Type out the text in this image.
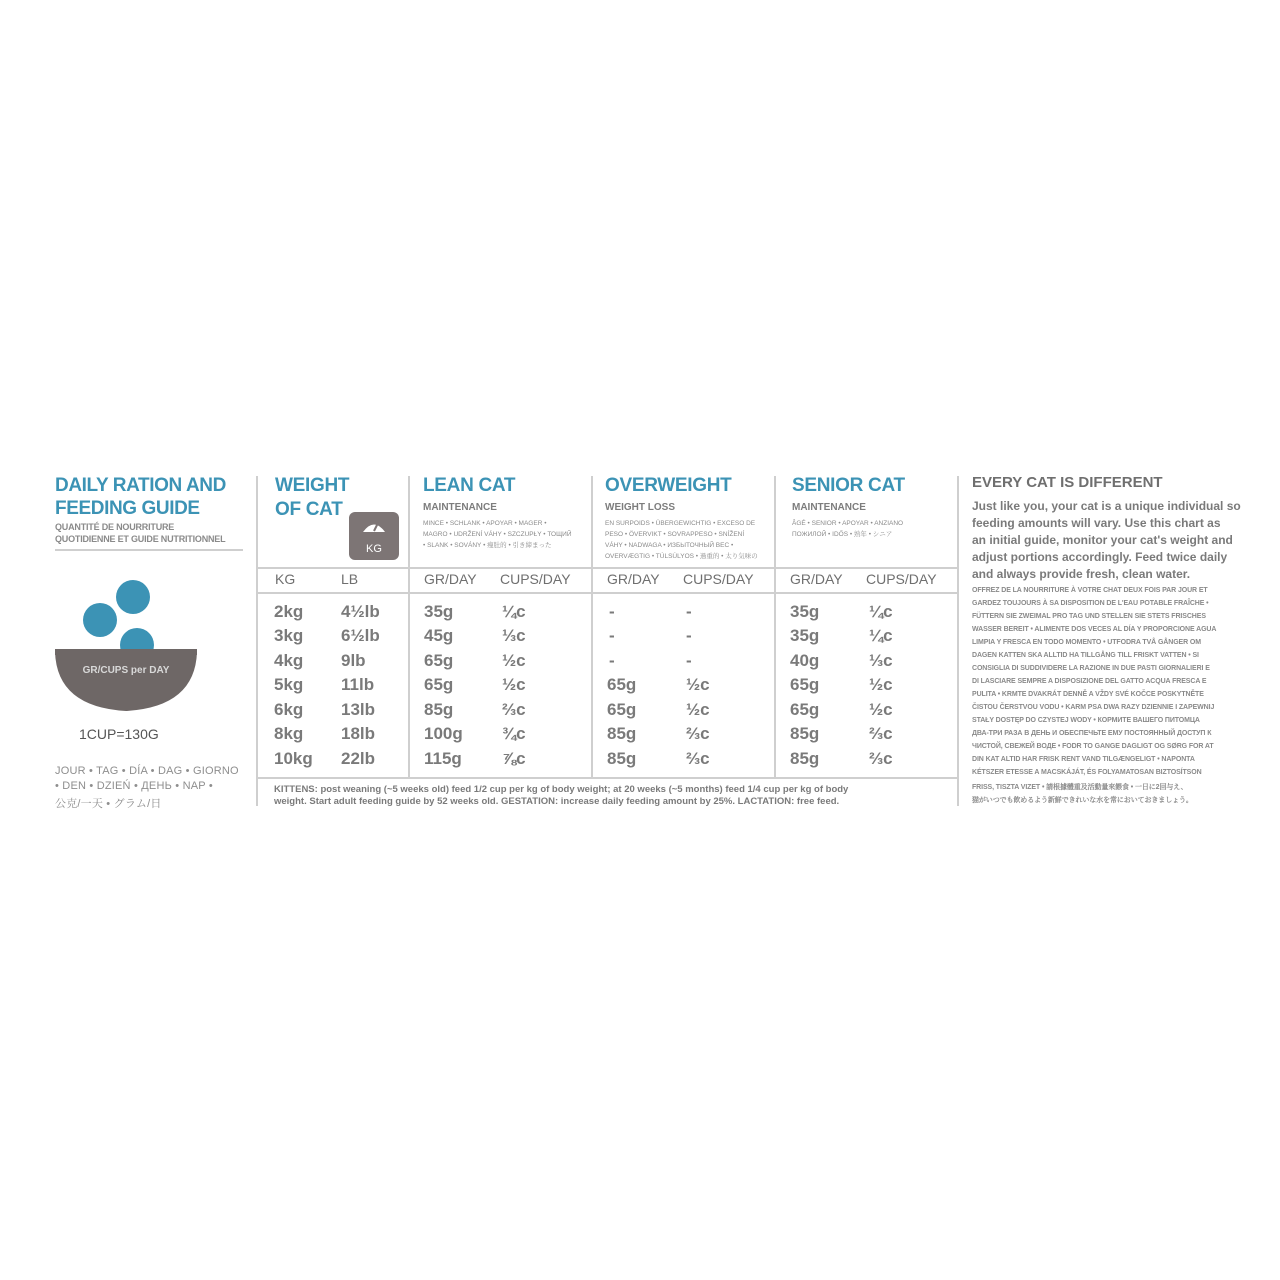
DAILY RATION AND
FEEDING GUIDE
QUANTITÉ DE NOURRITURE
QUOTIDIENNE ET GUIDE NUTRITIONNEL
GR/CUPS per DAY
1CUP=130G
JOUR • TAG • DÍA • DAG • GIORNO
• DEN • DZIEŃ • ДЕНЬ • NAP •
公克/一天 • グラム/日
WEIGHT
OF CAT
KG
LEAN CAT
MAINTENANCE
MINCE • SCHLANK • APOYAR • MAGER •
MAGRO • UDRŽENÍ VÁHY • SZCZUPŁY • ТОЩИЙ
• SLANK • SOVÁNY • 瘦肚的 • 引き締まった
OVERWEIGHT
WEIGHT LOSS
EN SURPOIDS • ÜBERGEWICHTIG • EXCESO DE
PESO • ÖVERVIKT • SOVRAPPESO • SNÍŽENÍ
VÁHY • NADWAGA • ИЗБЫТОЧНЫЙ ВЕС •
OVERVÆGTIG • TÚLSÚLYOS • 過重的 • 太り気味の
SENIOR CAT
MAINTENANCE
ÂGÉ • SENIOR • APOYAR • ANZIANO
ПОЖИЛОЙ • IDŐS • 熟年 • シニア
KG	LB	GR/DAY CUPS/DAY	GR/DAY CUPS/DAY	GR/DAY CUPS/DAY
2kg 4½lb	35g	¼c	-	-	35g	¼c
3kg 6½lb	45g	⅓c	-	-	35g	¼c
4kg 9lb	65g	½c	-	-	40g	⅓c
5kg 11lb	65g	½c	65g	½c	65g	½c
6kg 13lb	85g	⅔c	65g	½c	65g	½c
8kg 18lb	100g ¾c	85g	⅔c	85g	⅔c
10kg 22lb	115g ⅞c	85g	⅔c	85g	⅔c
KITTENS: post weaning (~5 weeks old) feed 1/2 cup per kg of body weight; at 20 weeks (~5 months) feed 1/4 cup per kg of body
weight. Start adult feeding guide by 52 weeks old. GESTATION: increase daily feeding amount by 25%. LACTATION: free feed.
EVERY CAT IS DIFFERENT
Just like you, your cat is a unique individual so
feeding amounts will vary. Use this chart as
an initial guide, monitor your cat's weight and
adjust portions accordingly. Feed twice daily
and always provide fresh, clean water.
OFFREZ DE LA NOURRITURE À VOTRE CHAT DEUX FOIS PAR JOUR ET
GARDEZ TOUJOURS À SA DISPOSITION DE L'EAU POTABLE FRAÎCHE •
FÜTTERN SIE ZWEIMAL PRO TAG UND STELLEN SIE STETS FRISCHES
WASSER BEREIT • ALIMENTE DOS VECES AL DÍA Y PROPORCIONE AGUA
LIMPIA Y FRESCA EN TODO MOMENTO • UTFODRA TVÅ GÅNGER OM
DAGEN KATTEN SKA ALLTID HA TILLGÅNG TILL FRISKT VATTEN • SI
CONSIGLIA DI SUDDIVIDERE LA RAZIONE IN DUE PASTI GIORNALIERI E
DI LASCIARE SEMPRE A DISPOSIZIONE DEL GATTO ACQUA FRESCA E
PULITA • KRMTE DVAKRÁT DENNĚ A VŽDY SVÉ KOČCE POSKYTNĚTE
ČISTOU ČERSTVOU VODU • KARM PSA DWA RAZY DZIENNIE I ZAPEWNIJ
STAŁY DOSTĘP DO CZYSTEJ WODY • КОРМИТЕ ВАШЕГО ПИТОМЦА
ДВА-ТРИ РАЗА В ДЕНЬ И ОБЕСПЕЧЬТЕ ЕМУ ПОСТОЯННЫЙ ДОСТУП К
ЧИСТОЙ, СВЕЖЕЙ ВОДЕ • FODR TO GANGE DAGLIGT OG SØRG FOR AT
DIN KAT ALTID HAR FRISK RENT VAND TILGÆNGELIGT • NAPONTA
KÉTSZER ETESSE A MACSKÁJÁT, ÉS FOLYAMATOSAN BIZTOSÍTSON
FRISS, TISZTA VIZET • 請根據體重及活動量來餵食 • 一日に2回与え、
猫がいつでも飲めるよう新鮮できれいな水を常においておきましょう。
